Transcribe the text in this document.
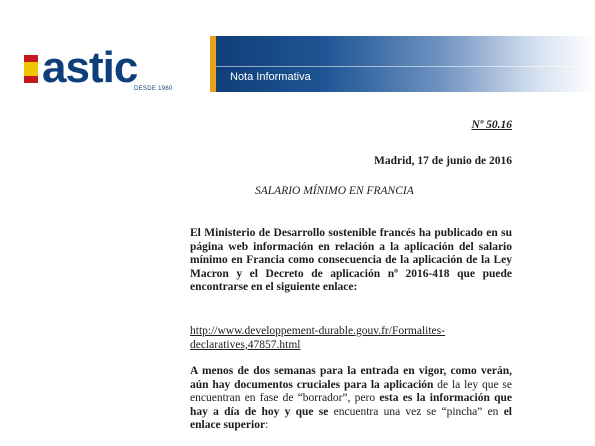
astic
DESDE 1960
Nota Informativa
Nº 50.16
Madrid, 17 de junio de 2016
SALARIO MÍNIMO EN FRANCIA

El Ministerio de Desarrollo sostenible francés ha publicado en su página web información en relación a la aplicación del salario mínimo en Francia como consecuencia de la aplicación de la Ley Macron y el Decreto de aplicación nº 2016-418 que puede encontrarse en el siguiente enlace:

http://www.developpement-durable.gouv.fr/Formalites-declaratives,47857.html

A menos de dos semanas para la entrada en vigor, como verán, aún hay documentos cruciales para la aplicación de la ley que se encuentran en fase de “borrador”, pero esta es la información que hay a día de hoy y que se encuentra una vez se “pincha” en el enlace superior:
